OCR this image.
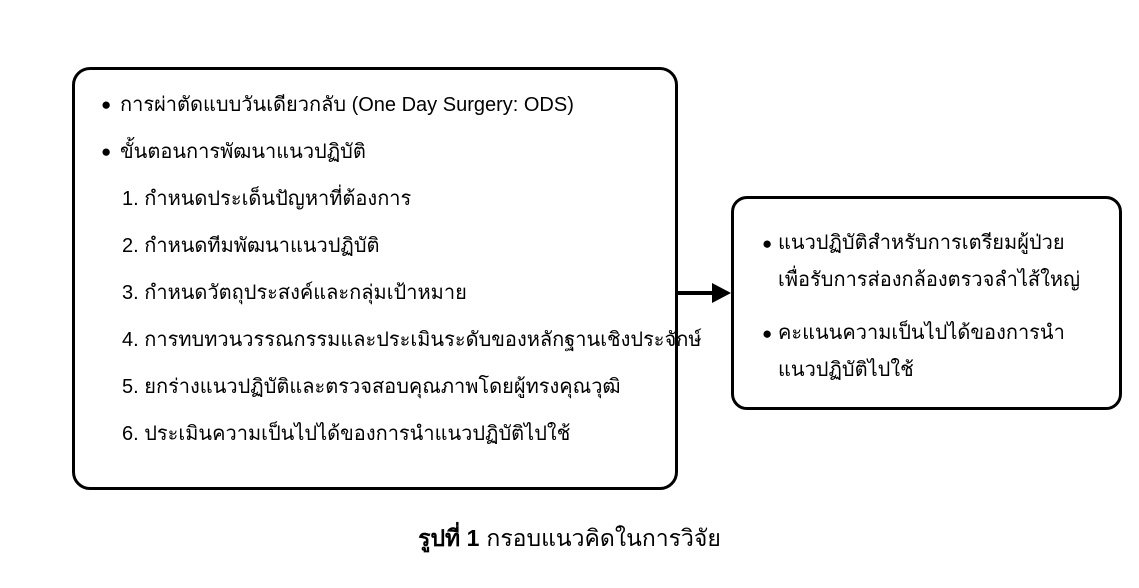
● การผ่าตัดแบบวันเดียวกลับ (One Day Surgery: ODS)
● ขั้นตอนการพัฒนาแนวปฏิบัติ
1. กำหนดประเด็นปัญหาที่ต้องการ
2. กำหนดทีมพัฒนาแนวปฏิบัติ
3. กำหนดวัตถุประสงค์และกลุ่มเป้าหมาย
4. การทบทวนวรรณกรรมและประเมินระดับของหลักฐานเชิงประจักษ์
5. ยกร่างแนวปฏิบัติและตรวจสอบคุณภาพโดยผู้ทรงคุณวุฒิ
6. ประเมินความเป็นไปได้ของการนำแนวปฏิบัติไปใช้
● แนวปฏิบัติสำหรับการเตรียมผู้ป่วย
เพื่อรับการส่องกล้องตรวจลำไส้ใหญ่
● คะแนนความเป็นไปได้ของการนำ
แนวปฏิบัติไปใช้
รูปที่ 1 กรอบแนวคิดในการวิจัย
